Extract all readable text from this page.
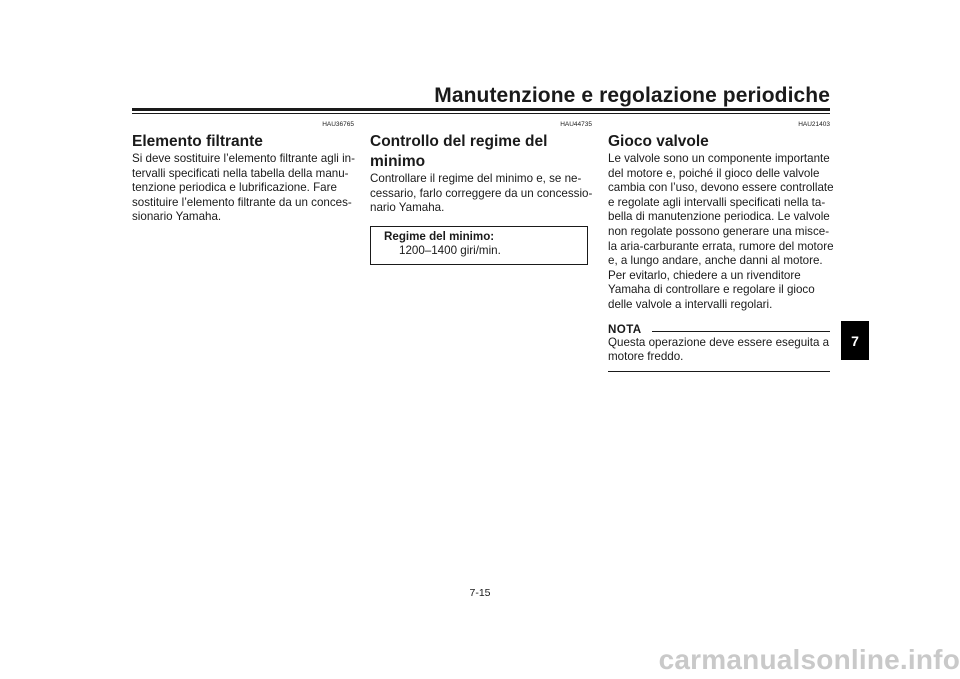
Manutenzione e regolazione periodiche
HAU36765
Elemento filtrante
Si deve sostituire l’elemento filtrante agli in-
tervalli specificati nella tabella della manu-
tenzione periodica e lubrificazione. Fare
sostituire l’elemento filtrante da un conces-
sionario Yamaha.
HAU44735
Controllo del regime del minimo
Controllare il regime del minimo e, se ne-
cessario, farlo correggere da un concessio-
nario Yamaha.
Regime del minimo:
1200–1400 giri/min.
HAU21403
Gioco valvole
Le valvole sono un componente importante
del motore e, poiché il gioco delle valvole
cambia con l’uso, devono essere controllate
e regolate agli intervalli specificati nella ta-
bella di manutenzione periodica. Le valvole
non regolate possono generare una misce-
la aria-carburante errata, rumore del motore
e, a lungo andare, anche danni al motore.
Per evitarlo, chiedere a un rivenditore
Yamaha di controllare e regolare il gioco
delle valvole a intervalli regolari.
NOTA
Questa operazione deve essere eseguita a
motore freddo.
7
7-15
carmanualsonline.info
